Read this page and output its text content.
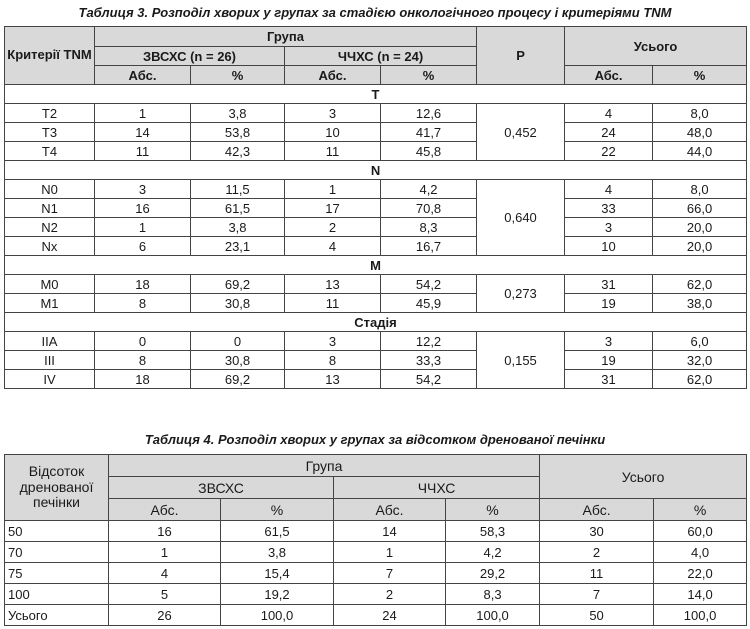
Таблиця 3. Розподіл хворих у групах за стадією онкологічного процесу і критеріями TNM
Критерії TNM	Група				P	Усього	
	ЗВСХС (n = 26)		ЧЧХС (n = 24)				
	Абс.	%	Абс.	%		Абс.	%
T							
T2	1	3,8	3	12,6	0,452	4	8,0
T3	14	53,8	10	41,7		24	48,0
T4	11	42,3	11	45,8		22	44,0
N							
N0	3	11,5	1	4,2	0,640	4	8,0
N1	16	61,5	17	70,8		33	66,0
N2	1	3,8	2	8,3		3	20,0
Nx	6	23,1	4	16,7		10	20,0
M							
M0	18	69,2	13	54,2	0,273	31	62,0
M1	8	30,8	11	45,9		19	38,0
Стадія							
IIA	0	0	3	12,2	0,155	3	6,0
III	8	30,8	8	33,3		19	32,0
IV	18	69,2	13	54,2		31	62,0
Таблиця 4. Розподіл хворих у групах за відсотком дренованої печінки
Відсоток дренованої печінки	Група				Усього	
	ЗВСХС		ЧЧХС			
	Абс.	%	Абс.	%	Абс.	%
50	16	61,5	14	58,3	30	60,0
70	1	3,8	1	4,2	2	4,0
75	4	15,4	7	29,2	11	22,0
100	5	19,2	2	8,3	7	14,0
Усього	26	100,0	24	100,0	50	100,0
